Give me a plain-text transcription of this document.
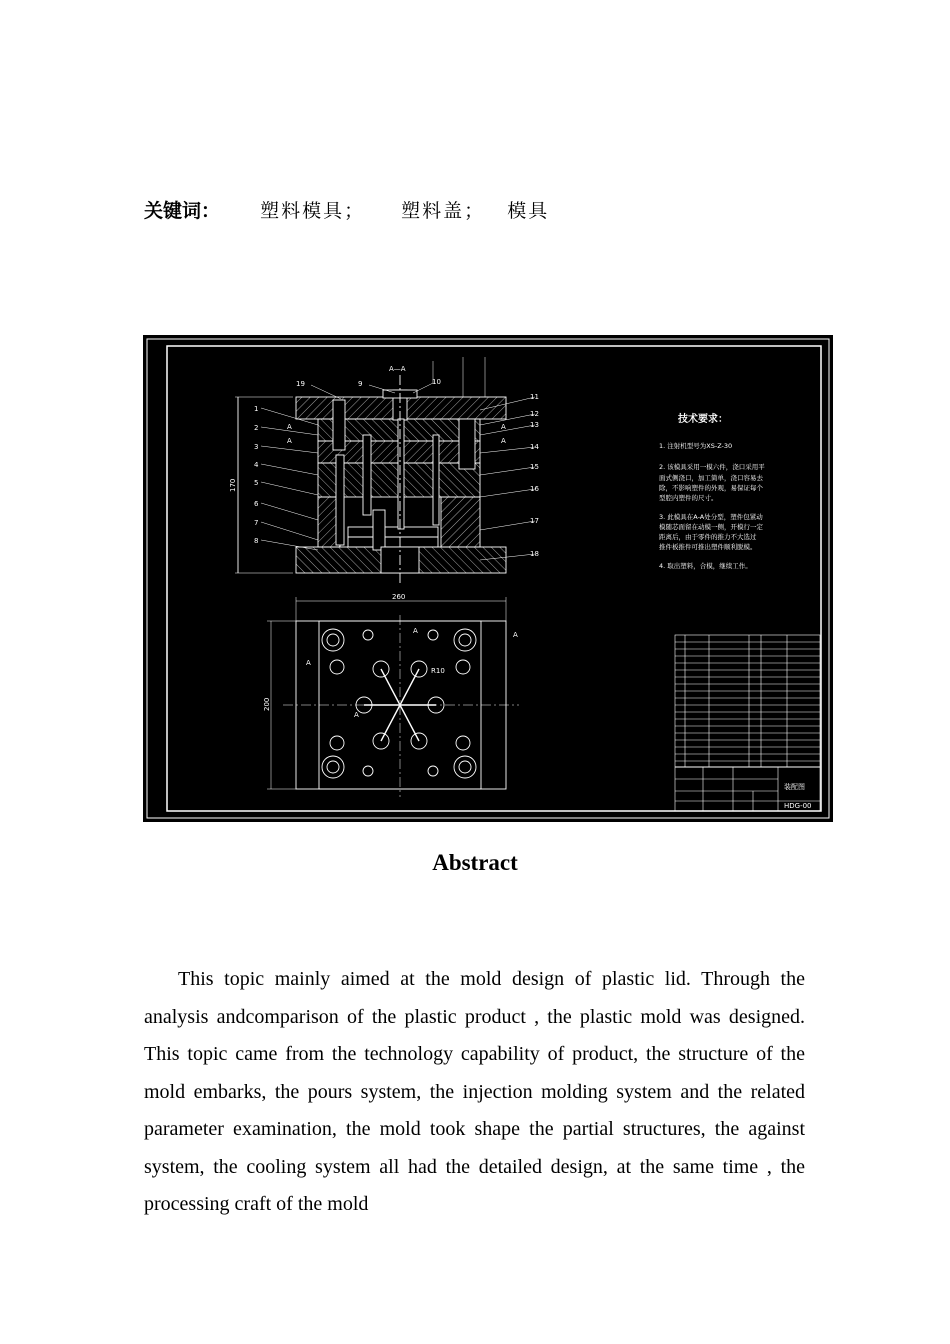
关键词： 塑料模具； 塑料盖； 模具
1
2
3
4
5
6
7
8
11
12
13
14
15
16
17
18
19	9	10
A—A
A
A
A
A
170
260
200
R10
A
A
A
A
技术要求：
1. 注射机型号为XS-Z-30
2. 该模具采用一模六件，浇口采用平
面式侧浇口，加工简单，浇口容易去
除，不影响塑件的外观，易保证每个
型腔内塑件的尺寸。
3. 此模具在A-A处分型，塑件包紧动
模随芯面留在动模一侧，开模行一定
距离后，由于零件的推力不大选过
推件板推件可推出塑件顺利脱模。
4. 取出塑料，合模，继续工作。
装配图
HDG-00
Abstract

This topic mainly aimed at the mold design of plastic lid. Through the analysis andcomparison of the plastic product , the plastic mold was designed. This topic came from the technology capability of product, the structure of the mold embarks, the pours system, the injection molding system and the related parameter examination, the mold took shape the partial structures, the against system, the cooling system all had the detailed design, at the same time , the processing craft of the mold
